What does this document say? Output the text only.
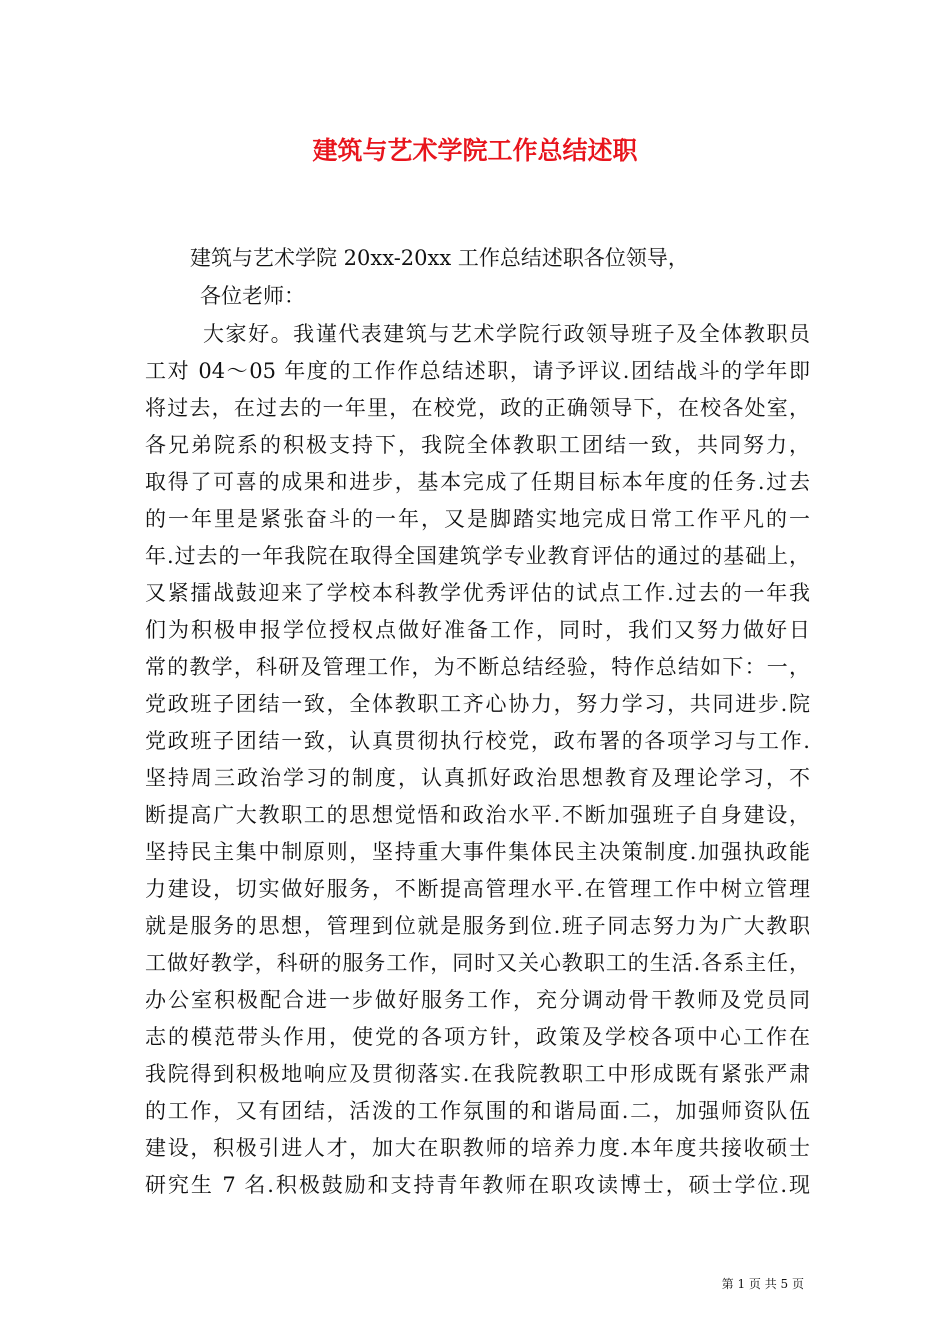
建筑与艺术学院工作总结述职

建筑与艺术学院 20xx-20xx 工作总结述职各位领导，

各位老师：

大家好。我谨代表建筑与艺术学院行政领导班子及全体教职员

工对 04～05 年度的工作作总结述职，请予评议.团结战斗的学年即

将过去，在过去的一年里，在校党，政的正确领导下，在校各处室，

各兄弟院系的积极支持下，我院全体教职工团结一致，共同努力，

取得了可喜的成果和进步，基本完成了任期目标本年度的任务.过去

的一年里是紧张奋斗的一年，又是脚踏实地完成日常工作平凡的一

年.过去的一年我院在取得全国建筑学专业教育评估的通过的基础上，

又紧擂战鼓迎来了学校本科教学优秀评估的试点工作.过去的一年我

们为积极申报学位授权点做好准备工作，同时，我们又努力做好日

常的教学，科研及管理工作，为不断总结经验，特作总结如下：一，

党政班子团结一致，全体教职工齐心协力，努力学习，共同进步.院

党政班子团结一致，认真贯彻执行校党，政布署的各项学习与工作.

坚持周三政治学习的制度，认真抓好政治思想教育及理论学习，不

断提高广大教职工的思想觉悟和政治水平.不断加强班子自身建设，

坚持民主集中制原则，坚持重大事件集体民主决策制度.加强执政能

力建设，切实做好服务，不断提高管理水平.在管理工作中树立管理

就是服务的思想，管理到位就是服务到位.班子同志努力为广大教职

工做好教学，科研的服务工作，同时又关心教职工的生活.各系主任，

办公室积极配合进一步做好服务工作，充分调动骨干教师及党员同

志的模范带头作用，使党的各项方针，政策及学校各项中心工作在

我院得到积极地响应及贯彻落实.在我院教职工中形成既有紧张严肃

的工作，又有团结，活泼的工作氛围的和谐局面.二，加强师资队伍

建设，积极引进人才，加大在职教师的培养力度.本年度共接收硕士

研究生 7 名.积极鼓励和支持青年教师在职攻读博士，硕士学位.现

第 1 页 共 5 页
